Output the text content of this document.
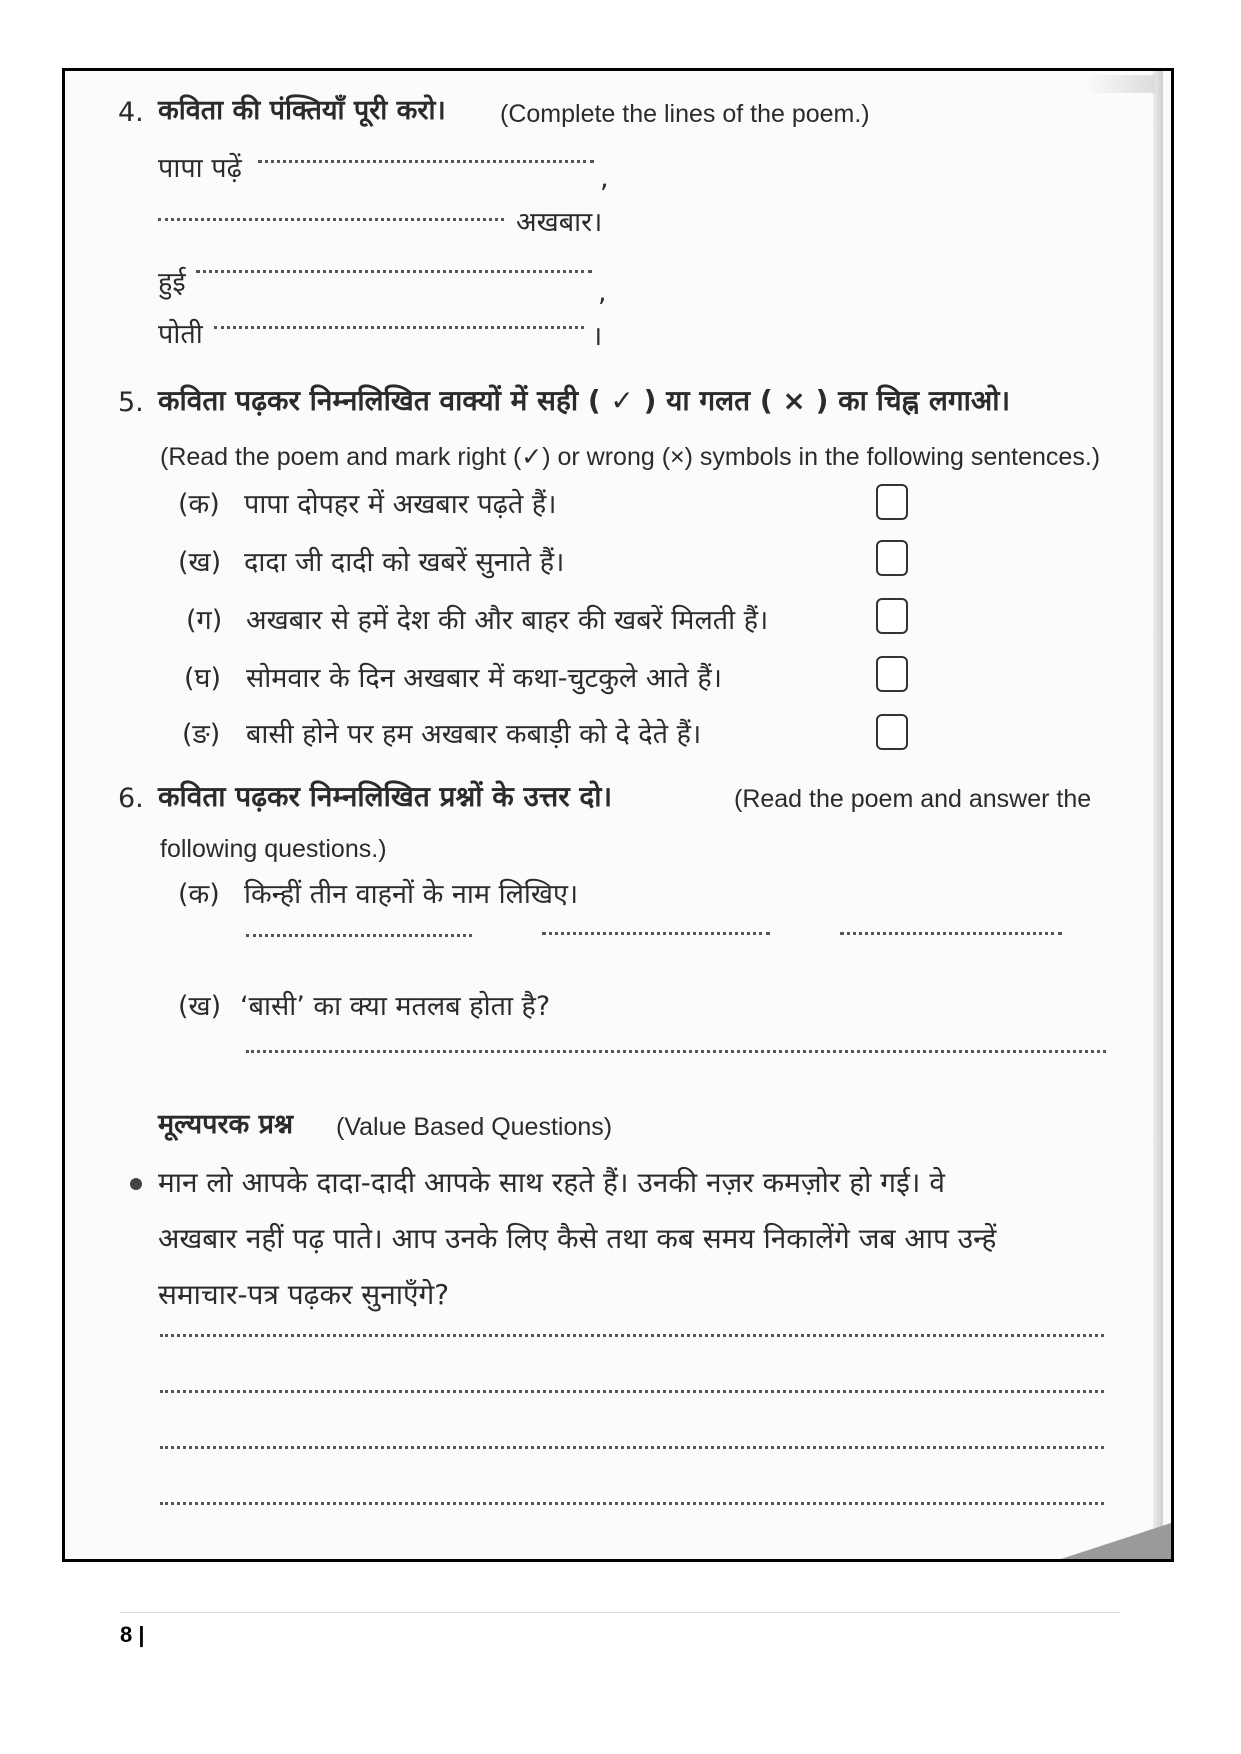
4. कविता की पंक्तियाँ पूरी करो। (Complete the lines of the poem.)
पापा पढ़ें	,
अखबार।
हुई	,
पोती	।
5. कविता पढ़कर निम्नलिखित वाक्यों में सही ( ✓ ) या गलत ( × ) का चिह्न लगाओ।
(Read the poem and mark right (✓) or wrong (×) symbols in the following sentences.)
(क) पापा दोपहर में अखबार पढ़ते हैं।
(ख) दादा जी दादी को खबरें सुनाते हैं।
(ग) अखबार से हमें देश की और बाहर की खबरें मिलती हैं।
(घ) सोमवार के दिन अखबार में कथा-चुटकुले आते हैं।
(ङ) बासी होने पर हम अखबार कबाड़ी को दे देते हैं।
6. कविता पढ़कर निम्नलिखित प्रश्नों के उत्तर दो।	(Read the poem and answer the
following questions.)
(क) किन्हीं तीन वाहनों के नाम लिखिए।
(ख) ‘बासी’ का क्या मतलब होता है?
मूल्यपरक प्रश्न (Value Based Questions)
मान लो आपके दादा-दादी आपके साथ रहते हैं। उनकी नज़र कमज़ोर हो गई। वे
अखबार नहीं पढ़ पाते। आप उनके लिए कैसे तथा कब समय निकालेंगे जब आप उन्हें
समाचार-पत्र पढ़कर सुनाएँगे?
8 |
